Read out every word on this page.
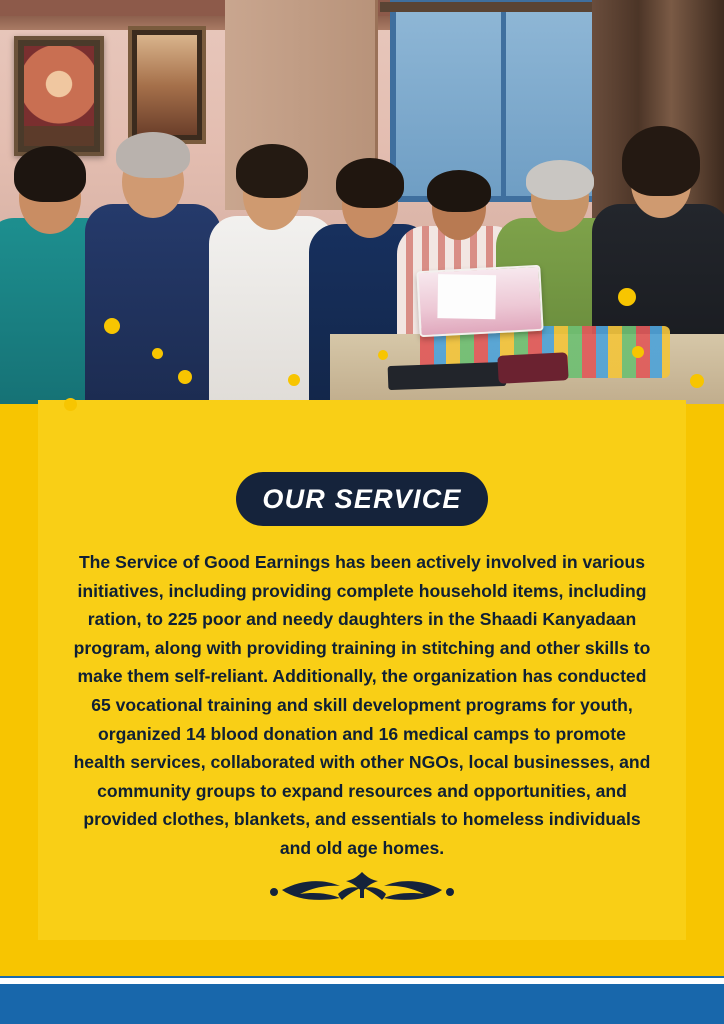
OUR SERVICE
The Service of Good Earnings has been actively involved in various initiatives, including providing complete household items, including ration, to 225 poor and needy daughters in the Shaadi Kanyadaan program, along with providing training in stitching and other skills to make them self-reliant. Additionally, the organization has conducted 65 vocational training and skill development programs for youth, organized 14 blood donation and 16 medical camps to promote health services, collaborated with other NGOs, local businesses, and community groups to expand resources and opportunities, and provided clothes, blankets, and essentials to homeless individuals and old age homes.
